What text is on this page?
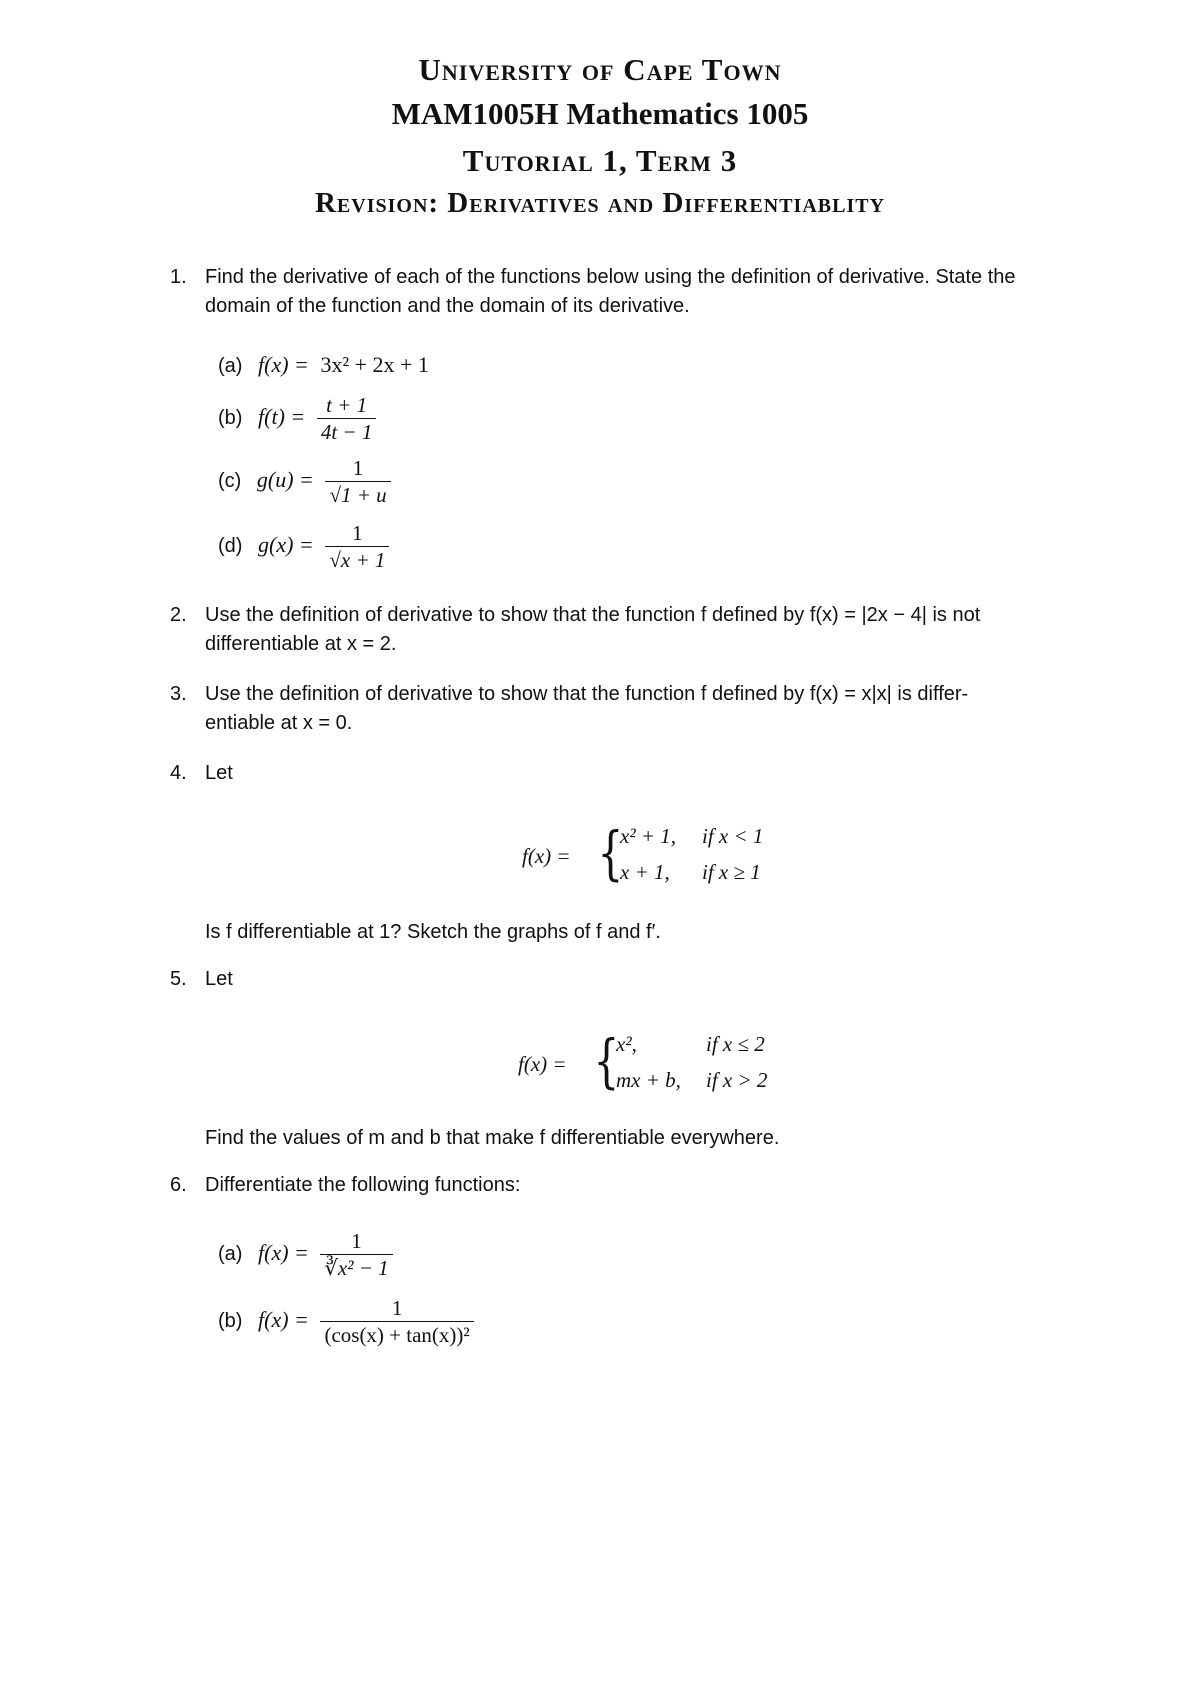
University of Cape Town
MAM1005H Mathematics 1005
Tutorial 1, Term 3
Revision: Derivatives and Differentiablity
1. Find the derivative of each of the functions below using the definition of derivative. State the
domain of the function and the domain of its derivative.
(a) f(x) = 3x² + 2x + 1
(b) $f(t) = \frac{t + 1}{4t - 1}$
(c) $g(u) = \frac{1}{√1 + u}$
(d) $g(x) = \frac{1}{√x + 1}$
2. Use the definition of derivative to show that the function f defined by f(x) = |2x − 4| is not
differentiable at x = 2.
3. Use the definition of derivative to show that the function f defined by f(x) = x|x| is differ-
entiable at x = 0.
4. Let
f(x) = {
x² + 1, if x < 1
x + 1, if x ≥ 1
Is f differentiable at 1? Sketch the graphs of f and f′.
5. Let
f(x) = {
x²,	if x ≤ 2
mx + b, if x > 2
Find the values of m and b that make f differentiable everywhere.
6. Differentiate the following functions:
(a) $f(x) = \frac{1}{\text{∛x² − 1}}$
(b) $f(x) = \frac{1}{\text{(cos(x) + tan(x))²}}$
